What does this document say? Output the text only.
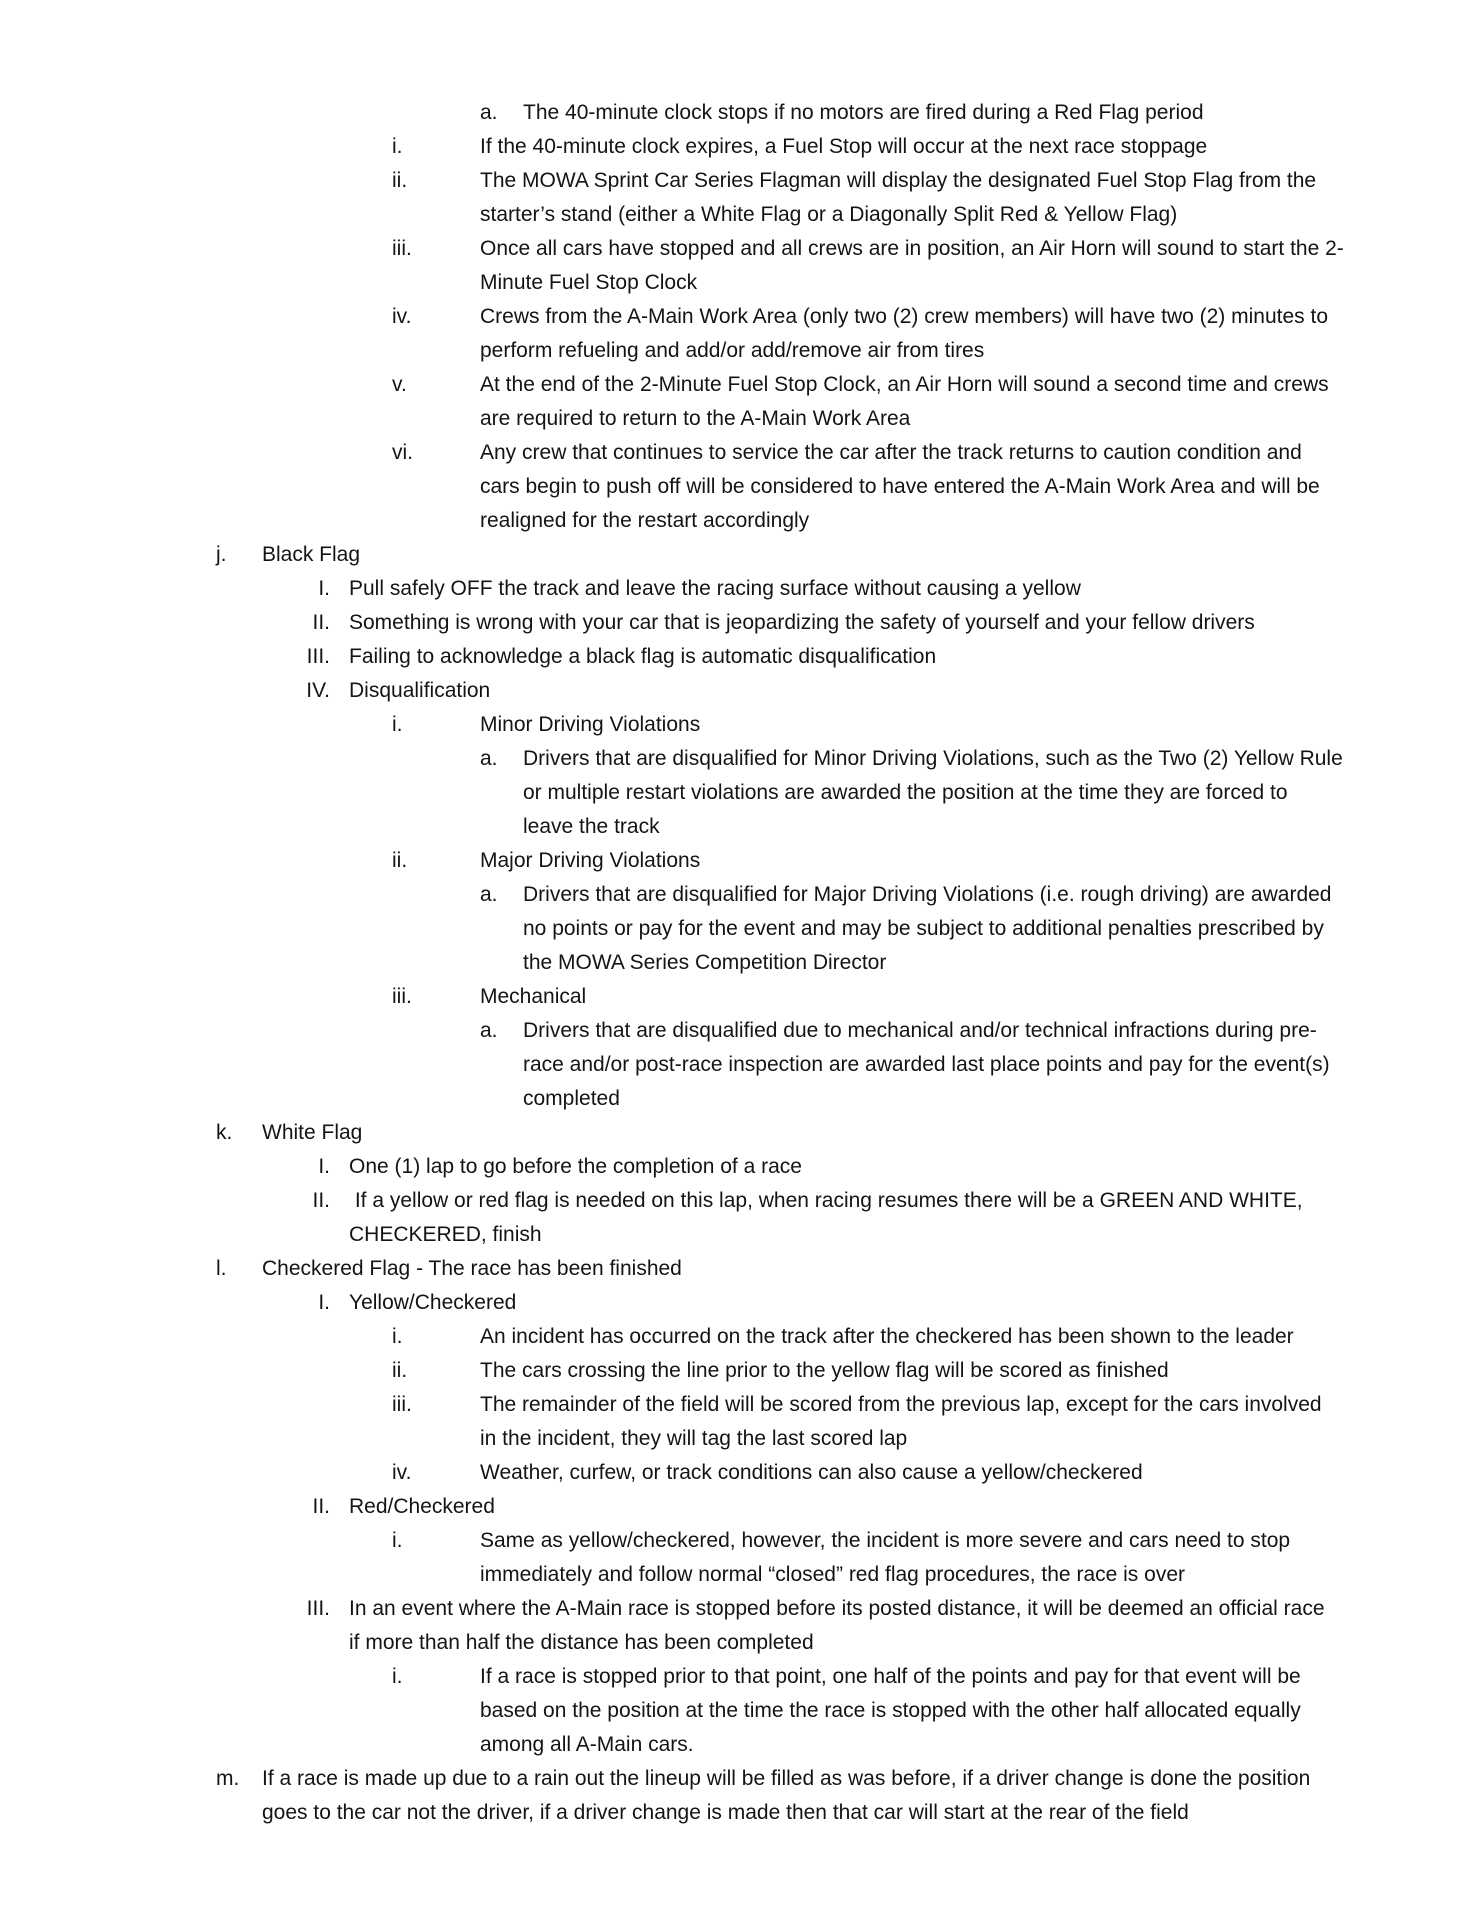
a. The 40-minute clock stops if no motors are fired during a Red Flag period
i.	If the 40-minute clock expires, a Fuel Stop will occur at the next race stoppage
ii.	The MOWA Sprint Car Series Flagman will display the designated Fuel Stop Flag from the
starter’s stand (either a White Flag or a Diagonally Split Red & Yellow Flag)
iii.	Once all cars have stopped and all crews are in position, an Air Horn will sound to start the 2-
Minute Fuel Stop Clock
iv.	Crews from the A-Main Work Area (only two (2) crew members) will have two (2) minutes to
perform refueling and add/or add/remove air from tires
v.	At the end of the 2-Minute Fuel Stop Clock, an Air Horn will sound a second time and crews
are required to return to the A-Main Work Area
vi.	Any crew that continues to service the car after the track returns to caution condition and
cars begin to push off will be considered to have entered the A-Main Work Area and will be
realigned for the restart accordingly
j. Black Flag
I. Pull safely OFF the track and leave the racing surface without causing a yellow
II. Something is wrong with your car that is jeopardizing the safety of yourself and your fellow drivers
III. Failing to acknowledge a black flag is automatic disqualification
IV. Disqualification
i.	Minor Driving Violations
a. Drivers that are disqualified for Minor Driving Violations, such as the Two (2) Yellow Rule
or multiple restart violations are awarded the position at the time they are forced to
leave the track
ii.	Major Driving Violations
a. Drivers that are disqualified for Major Driving Violations (i.e. rough driving) are awarded
no points or pay for the event and may be subject to additional penalties prescribed by
the MOWA Series Competition Director
iii.	Mechanical
a. Drivers that are disqualified due to mechanical and/or technical infractions during pre-
race and/or post-race inspection are awarded last place points and pay for the event(s)
completed
k. White Flag
I. One (1) lap to go before the completion of a race
II. If a yellow or red flag is needed on this lap, when racing resumes there will be a GREEN AND WHITE,
CHECKERED, finish
l. Checkered Flag - The race has been finished
I. Yellow/Checkered
i.	An incident has occurred on the track after the checkered has been shown to the leader
ii.	The cars crossing the line prior to the yellow flag will be scored as finished
iii.	The remainder of the field will be scored from the previous lap, except for the cars involved
in the incident, they will tag the last scored lap
iv.	Weather, curfew, or track conditions can also cause a yellow/checkered
II. Red/Checkered
i.	Same as yellow/checkered, however, the incident is more severe and cars need to stop
immediately and follow normal “closed” red flag procedures, the race is over
III. In an event where the A-Main race is stopped before its posted distance, it will be deemed an official race
if more than half the distance has been completed
i.	If a race is stopped prior to that point, one half of the points and pay for that event will be
based on the position at the time the race is stopped with the other half allocated equally
among all A-Main cars.
m. If a race is made up due to a rain out the lineup will be filled as was before, if a driver change is done the position
goes to the car not the driver, if a driver change is made then that car will start at the rear of the field
